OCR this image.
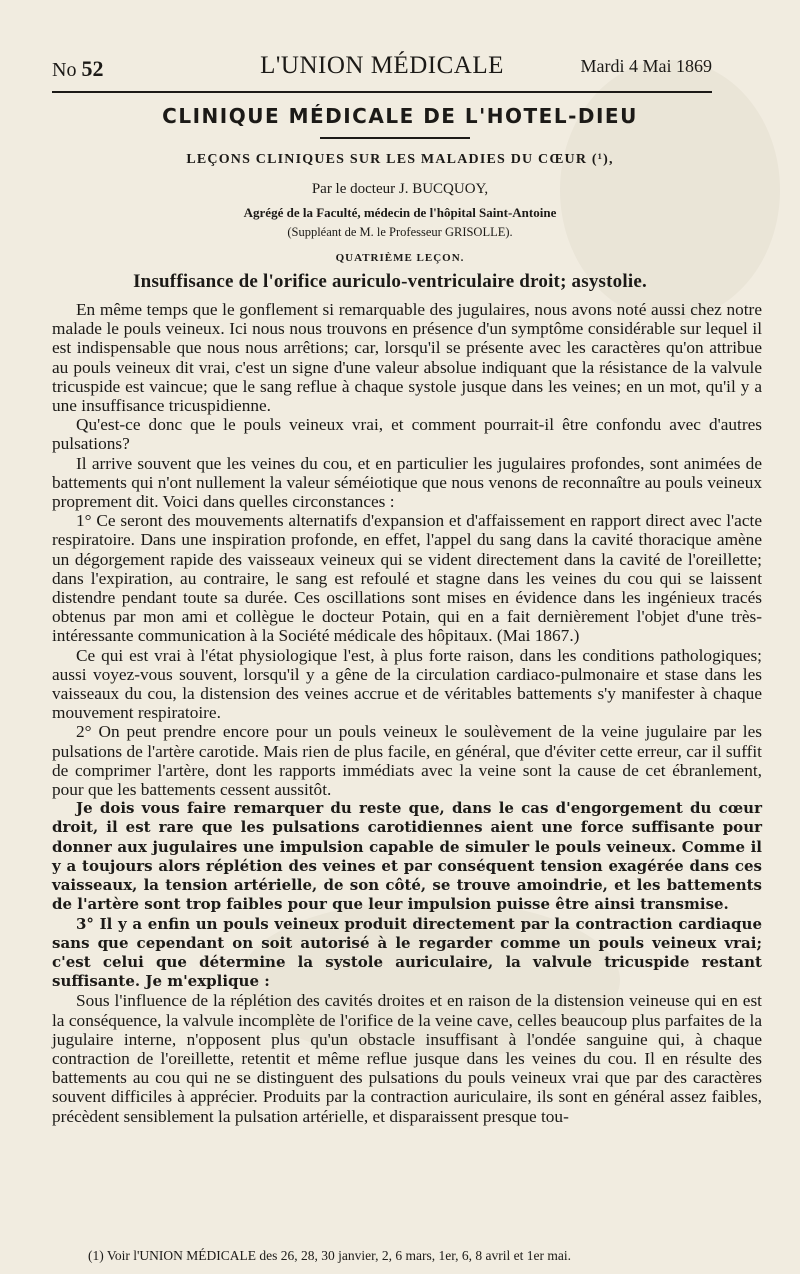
No 52	L'UNION MÉDICALE	Mardi 4 Mai 1869
CLINIQUE MÉDICALE DE L'HOTEL-DIEU
LEÇONS CLINIQUES SUR LES MALADIES DU CŒUR (¹),
Par le docteur J. BUCQUOY,
Agrégé de la Faculté, médecin de l'hôpital Saint-Antoine
(Suppléant de M. le Professeur GRISOLLE).
QUATRIÈME LEÇON.
Insuffisance de l'orifice auriculo-ventriculaire droit; asystolie.

En même temps que le gonflement si remarquable des jugulaires, nous avons noté aussi chez notre malade le pouls veineux. Ici nous nous trouvons en présence d'un symptôme considérable sur lequel il est indispensable que nous nous arrêtions; car, lorsqu'il se présente avec les caractères qu'on attribue au pouls veineux dit vrai, c'est un signe d'une valeur absolue indiquant que la résistance de la valvule tricuspide est vaincue; que le sang reflue à chaque systole jusque dans les veines; en un mot, qu'il y a une insuffisance tricuspidienne.

Qu'est-ce donc que le pouls veineux vrai, et comment pourrait-il être confondu avec d'autres pulsations?

Il arrive souvent que les veines du cou, et en particulier les jugulaires profondes, sont animées de battements qui n'ont nullement la valeur séméiotique que nous venons de reconnaître au pouls veineux proprement dit. Voici dans quelles circonstances :

1° Ce seront des mouvements alternatifs d'expansion et d'affaissement en rapport direct avec l'acte respiratoire. Dans une inspiration profonde, en effet, l'appel du sang dans la cavité thoracique amène un dégorgement rapide des vaisseaux veineux qui se vident directement dans la cavité de l'oreillette; dans l'expiration, au contraire, le sang est refoulé et stagne dans les veines du cou qui se laissent distendre pendant toute sa durée. Ces oscillations sont mises en évidence dans les ingénieux tracés obtenus par mon ami et collègue le docteur Potain, qui en a fait dernièrement l'objet d'une très-intéressante communication à la Société médicale des hôpitaux. (Mai 1867.)

Ce qui est vrai à l'état physiologique l'est, à plus forte raison, dans les conditions pathologiques; aussi voyez-vous souvent, lorsqu'il y a gêne de la circulation cardiaco-pulmonaire et stase dans les vaisseaux du cou, la distension des veines accrue et de véritables battements s'y manifester à chaque mouvement respiratoire.

2° On peut prendre encore pour un pouls veineux le soulèvement de la veine jugulaire par les pulsations de l'artère carotide. Mais rien de plus facile, en général, que d'éviter cette erreur, car il suffit de comprimer l'artère, dont les rapports immédiats avec la veine sont la cause de cet ébranlement, pour que les battements cessent aussitôt.

Je dois vous faire remarquer du reste que, dans le cas d'engorgement du cœur droit, il est rare que les pulsations carotidiennes aient une force suffisante pour donner aux jugulaires une impulsion capable de simuler le pouls veineux. Comme il y a toujours alors réplétion des veines et par conséquent tension exagérée dans ces vaisseaux, la tension artérielle, de son côté, se trouve amoindrie, et les battements de l'artère sont trop faibles pour que leur impulsion puisse être ainsi transmise.

3° Il y a enfin un pouls veineux produit directement par la contraction cardiaque sans que cependant on soit autorisé à le regarder comme un pouls veineux vrai; c'est celui que détermine la systole auriculaire, la valvule tricuspide restant suffisante. Je m'explique :

Sous l'influence de la réplétion des cavités droites et en raison de la distension veineuse qui en est la conséquence, la valvule incomplète de l'orifice de la veine cave, celles beaucoup plus parfaites de la jugulaire interne, n'opposent plus qu'un obstacle insuffisant à l'ondée sanguine qui, à chaque contraction de l'oreillette, retentit et même reflue jusque dans les veines du cou. Il en résulte des battements au cou qui ne se distinguent des pulsations du pouls veineux vrai que par des caractères souvent difficiles à apprécier. Produits par la contraction auriculaire, ils sont en général assez faibles, précèdent sensiblement la pulsation artérielle, et disparaissent presque tou-

(1) Voir l'UNION MÉDICALE des 26, 28, 30 janvier, 2, 6 mars, 1er, 6, 8 avril et 1er mai.
